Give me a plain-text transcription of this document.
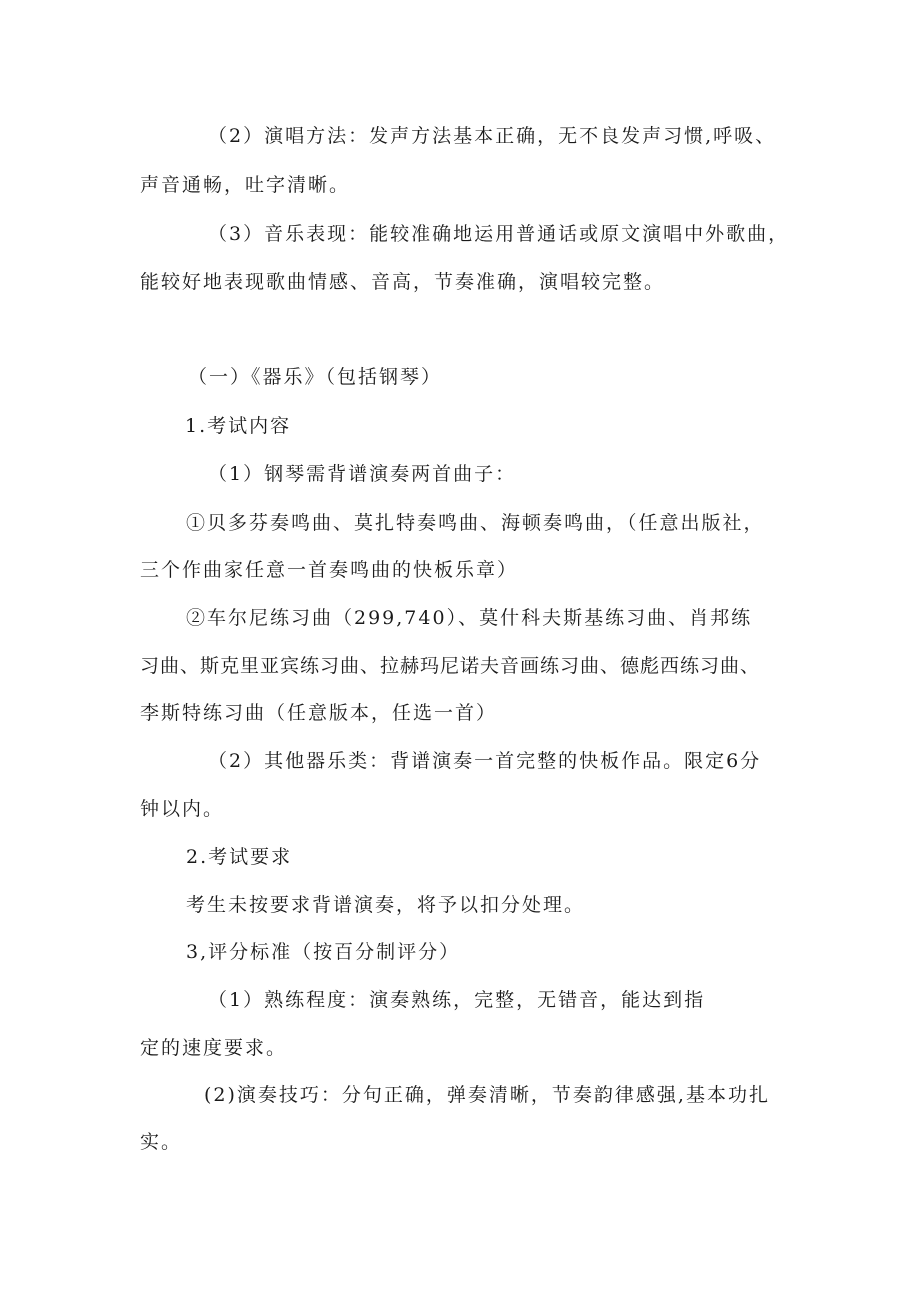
（2）演唱方法：发声方法基本正确，无不良发声习惯,呼吸、
声音通畅，吐字清晰。
（3）音乐表现：能较准确地运用普通话或原文演唱中外歌曲，
能较好地表现歌曲情感、音高，节奏准确，演唱较完整。
（一）《器乐》（包括钢琴）
1.考试内容
（1）钢琴需背谱演奏两首曲子：
①贝多芬奏鸣曲、莫扎特奏鸣曲、海顿奏鸣曲，（任意出版社，
三个作曲家任意一首奏鸣曲的快板乐章）
②车尔尼练习曲（299,740）、莫什科夫斯基练习曲、肖邦练
习曲、斯克里亚宾练习曲、拉赫玛尼诺夫音画练习曲、德彪西练习曲、
李斯特练习曲（任意版本，任选一首）
（2）其他器乐类：背谱演奏一首完整的快板作品。限定6分
钟以内。
2.考试要求
考生未按要求背谱演奏，将予以扣分处理。
3,评分标准（按百分制评分）
（1）熟练程度：演奏熟练，完整，无错音，能达到指
定的速度要求。
(2)演奏技巧：分句正确，弹奏清晰，节奏韵律感强,基本功扎
实。
